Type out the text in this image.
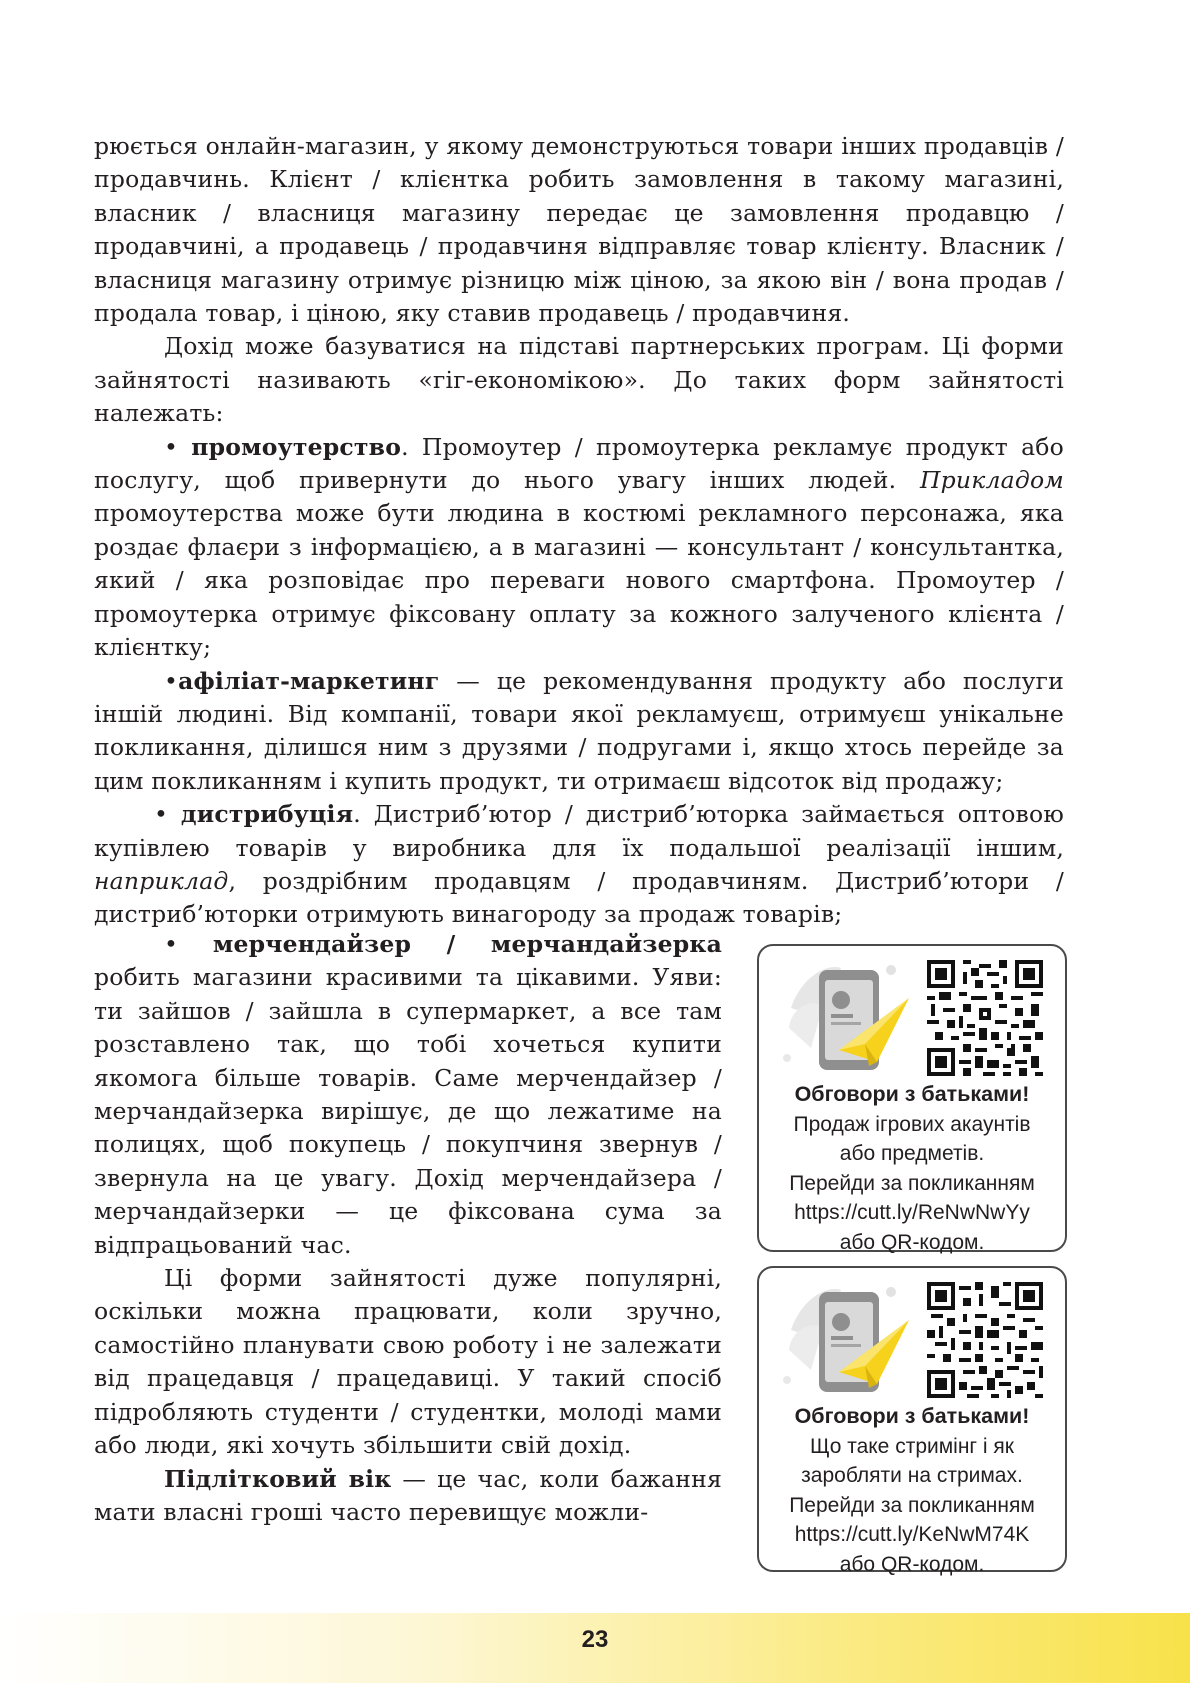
рюється онлайн-магазин, у якому демонструються товари інших продавців / продавчинь. Клієнт / клієнтка робить замовлення в такому магазині, власник / власниця магазину передає це замовлення продавцю / продавчині, а продавець / продавчиня відправляє товар клієнту. Власник / власниця магазину отримує різницю між ціною, за якою він / вона продав / продала товар, і ціною, яку ставив продавець / продавчиня.

Дохід може базуватися на підставі партнерських програм. Ці форми зайнятості називають «гіг-економікою». До таких форм зайнятості належать:

• промоутерство. Промоутер / промоутерка рекламує продукт або послугу, щоб привернути до нього увагу інших людей. Прикладом промоутерства може бути людина в костюмі рекламного персонажа, яка роздає флаєри з інформацією, а в магазині — консультант / консультантка, який / яка розповідає про переваги нового смартфона. Промоутер / промоутерка отримує фіксовану оплату за кожного залученого клієнта / клієнтку;

•афіліат-маркетинг — це рекомендування продукту або послуги іншій людині. Від компанії, товари якої рекламуєш, отримуєш унікальне покликання, ділишся ним з друзями / подругами і, якщо хтось перейде за цим покликанням і купить продукт, ти отримаєш відсоток від продажу;

• дистрибуція. Дистриб’ютор / дистриб’юторка займається оптовою купівлею товарів у виробника для їх подальшої реалізації іншим, наприклад, роздрібним продавцям / продавчиням. Дистриб’ютори / дистриб’юторки отримують винагороду за продаж товарів;

• мерчендайзер / мерчандайзерка робить магазини красивими та цікавими. Уяви: ти зайшов / зайшла в супермаркет, а все там розставлено так, що тобі хочеться купити якомога більше товарів. Саме мерчендайзер / мерчандайзерка вирішує, де що лежатиме на полицях, щоб покупець / покупчиня звернув / звернула на це увагу. Дохід мерчендайзера / мерчандайзерки — це фіксована сума за відпрацьований час.

Ці форми зайнятості дуже популярні, оскільки можна працювати, коли зручно, самостійно планувати свою роботу і не залежати від працедавця / працедавиці. У такий спосіб підробляють студенти / студентки, молоді мами або люди, які хочуть збільшити свій дохід.

Підлітковий вік — це час, коли бажання мати власні гроші часто перевищує можли-

Обговори з батьками!
Продаж ігрових акаунтів
або предметів.
Перейди за покликанням
https://cutt.ly/ReNwNwYy
або QR-кодом.
Обговори з батьками!
Що таке стримінг і як
заробляти на стримах.
Перейди за покликанням
https://cutt.ly/KeNwM74K
або QR-кодом.
23
